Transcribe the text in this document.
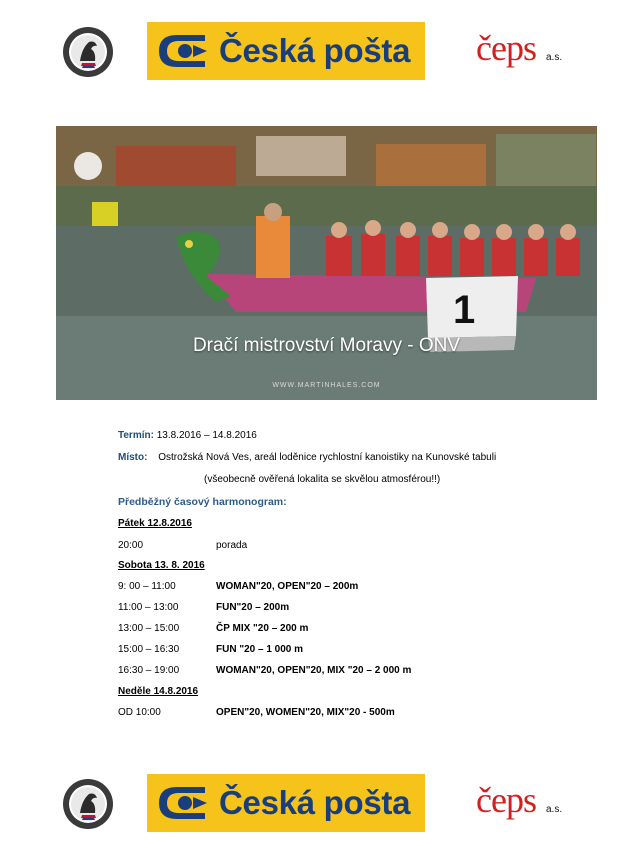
Česká pošta čeps a.s.
1
Dračí mistrovství Moravy - ONV
WWW.MARTINHALES.COM
Termín: 13.8.2016 – 14.8.2016
Místo: Ostrožská Nová Ves, areál loděnice rychlostní kanoistiky na Kunovské tabuli
(všeobecně ověřená lokalita se skvělou atmosférou!!)
Předběžný časový harmonogram:
Pátek 12.8.2016
20:00	porada
Sobota 13. 8. 2016
9: 00 – 11:00	WOMAN"20, OPEN"20 – 200m
11:00 – 13:00	FUN"20 – 200m
13:00 – 15:00	ČP MIX "20 – 200 m
15:00 – 16:30	FUN "20 – 1 000 m
16:30 – 19:00	WOMAN"20, OPEN"20, MIX "20 – 2 000 m
Neděle 14.8.2016
OD 10:00	OPEN"20, WOMEN"20, MIX"20 - 500m
Česká pošta čeps a.s.
